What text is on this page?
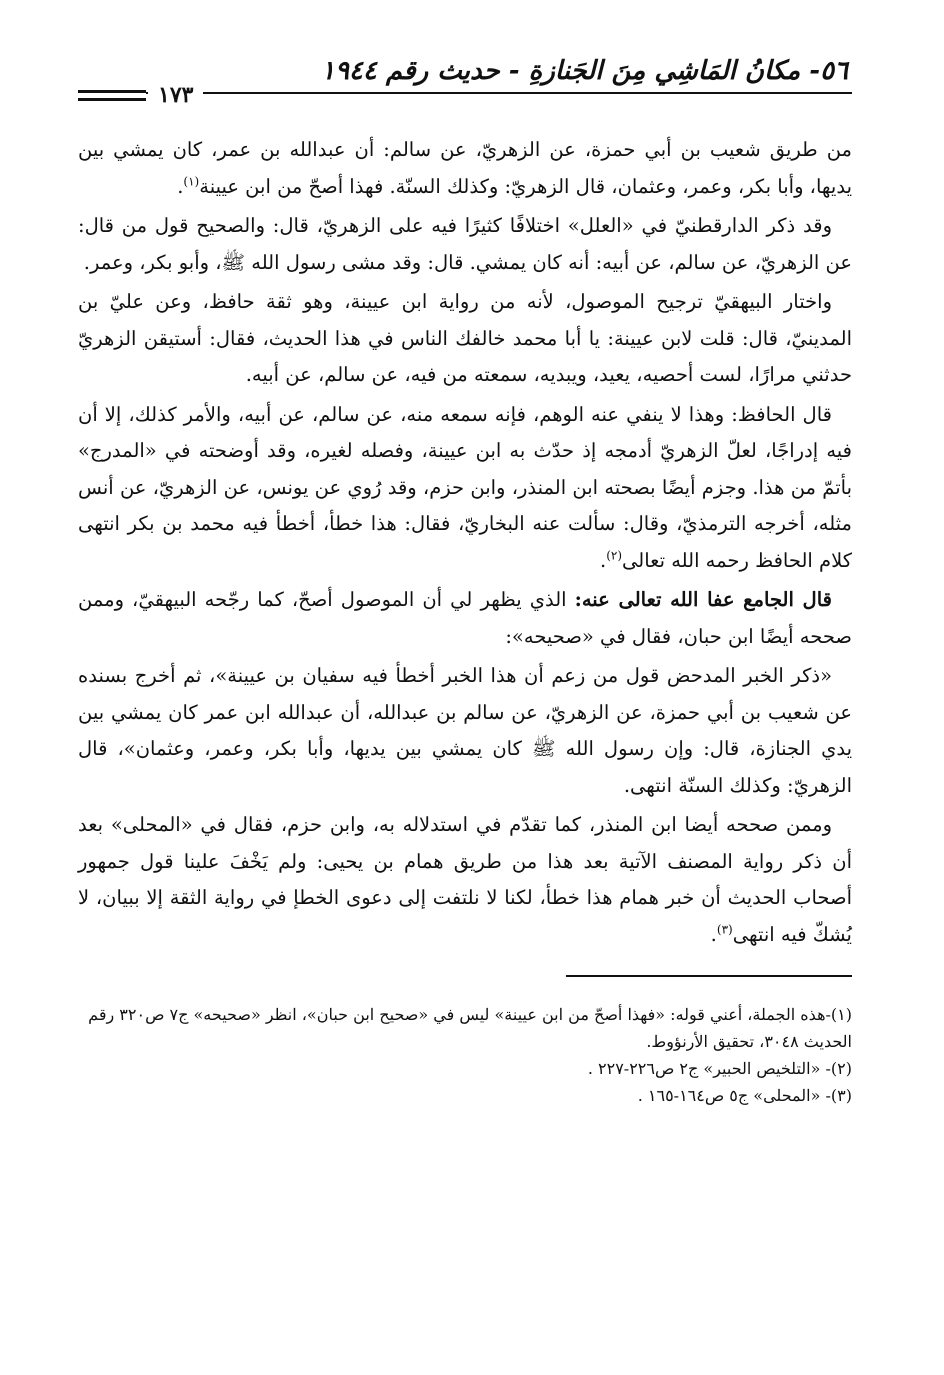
٥٦- مكانُ المَاشِي مِنَ الجَنازةِ - حديث رقم ١٩٤٤
١٧٣

من طريق شعيب بن أبي حمزة، عن الزهريّ، عن سالم: أن عبدالله بن عمر، كان يمشي بين يديها، وأبا بكر، وعمر، وعثمان، قال الزهريّ: وكذلك السنّة. فهذا أصحّ من ابن عيينة$^{(١)}$.

وقد ذكر الدارقطنيّ في «العلل» اختلافًا كثيرًا فيه على الزهريّ، قال: والصحيح قول من قال: عن الزهريّ، عن سالم، عن أبيه: أنه كان يمشي. قال: وقد مشى رسول الله ﷺ، وأبو بكر، وعمر.

واختار البيهقيّ ترجيح الموصول، لأنه من رواية ابن عيينة، وهو ثقة حافظ، وعن عليّ بن المدينيّ، قال: قلت لابن عيينة: يا أبا محمد خالفك الناس في هذا الحديث، فقال: أستيقن الزهريّ حدثني مرارًا، لست أحصيه، يعيد، ويبديه، سمعته من فيه، عن سالم، عن أبيه.

قال الحافظ: وهذا لا ينفي عنه الوهم، فإنه سمعه منه، عن سالم، عن أبيه، والأمر كذلك، إلا أن فيه إدراجًا، لعلّ الزهريّ أدمجه إذ حدّث به ابن عيينة، وفصله لغيره، وقد أوضحته في «المدرج» بأتمّ من هذا. وجزم أيضًا بصحته ابن المنذر، وابن حزم، وقد رُوي عن يونس، عن الزهريّ، عن أنس مثله، أخرجه الترمذيّ، وقال: سألت عنه البخاريّ، فقال: هذا خطأ، أخطأ فيه محمد بن بكر انتهى كلام الحافظ رحمه الله تعالى$^{(٢)}$.

قال الجامع عفا الله تعالى عنه: الذي يظهر لي أن الموصول أصحّ، كما رجّحه البيهقيّ، وممن صححه أيضًا ابن حبان، فقال في «صحيحه»:

«ذكر الخبر المدحض قول من زعم أن هذا الخبر أخطأ فيه سفيان بن عيينة»، ثم أخرج بسنده عن شعيب بن أبي حمزة، عن الزهريّ، عن سالم بن عبدالله، أن عبدالله ابن عمر كان يمشي بين يدي الجنازة، قال: وإن رسول الله ﷺ كان يمشي بين يديها، وأبا بكر، وعمر، وعثمان»، قال الزهريّ: وكذلك السنّة انتهى.

وممن صححه أيضا ابن المنذر، كما تقدّم في استدلاله به، وابن حزم، فقال في «المحلى» بعد أن ذكر رواية المصنف الآتية بعد هذا من طريق همام بن يحيى: ولم يَخْفَ علينا قول جمهور أصحاب الحديث أن خبر همام هذا خطأ، لكنا لا نلتفت إلى دعوى الخطإ في رواية الثقة إلا ببيان، لا يُشكّ فيه انتهى$^{(٣)}$.

(١)-هذه الجملة، أعني قوله: «فهذا أصحّ من ابن عيينة» ليس في «صحيح ابن حبان»، انظر «صحيحه» ج٧ ص٣٢٠ رقم الحديث ٣٠٤٨، تحقيق الأرنؤوط.

(٢)- «التلخيص الحبير» ج٢ ص٢٢٦-٢٢٧ .

(٣)- «المحلى» ج٥ ص١٦٤-١٦٥ .
